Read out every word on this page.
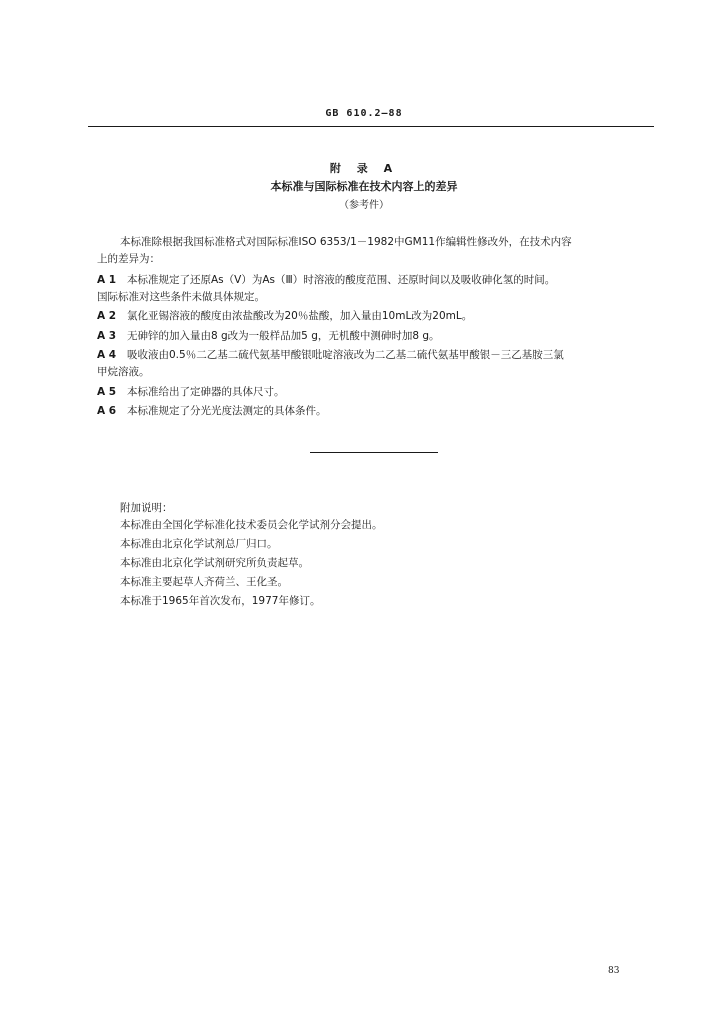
GB 610.2—88
附 录 A
本标准与国际标准在技术内容上的差异
（参考件）
本标准除根据我国标准格式对国际标准ISO 6353/1－1982中GM11作编辑性修改外，在技术内容
上的差异为：
A 1 本标准规定了还原As（Ⅴ）为As（Ⅲ）时溶液的酸度范围、还原时间以及吸收砷化氢的时间。
国际标准对这些条件未做具体规定。
A 2 氯化亚锡溶液的酸度由浓盐酸改为20％盐酸，加入量由10mL改为20mL。
A 3 无砷锌的加入量由8 g改为一般样品加5 g，无机酸中测砷时加8 g。
A 4 吸收液由0.5％二乙基二硫代氨基甲酸银吡啶溶液改为二乙基二硫代氨基甲酸银－三乙基胺三氯
甲烷溶液。
A 5 本标准给出了定砷器的具体尺寸。
A 6 本标准规定了分光光度法测定的具体条件。
附加说明：
本标准由全国化学标准化技术委员会化学试剂分会提出。
本标准由北京化学试剂总厂归口。
本标准由北京化学试剂研究所负责起草。
本标准主要起草人齐荷兰、王化圣。
本标准于1965年首次发布，1977年修订。
83
